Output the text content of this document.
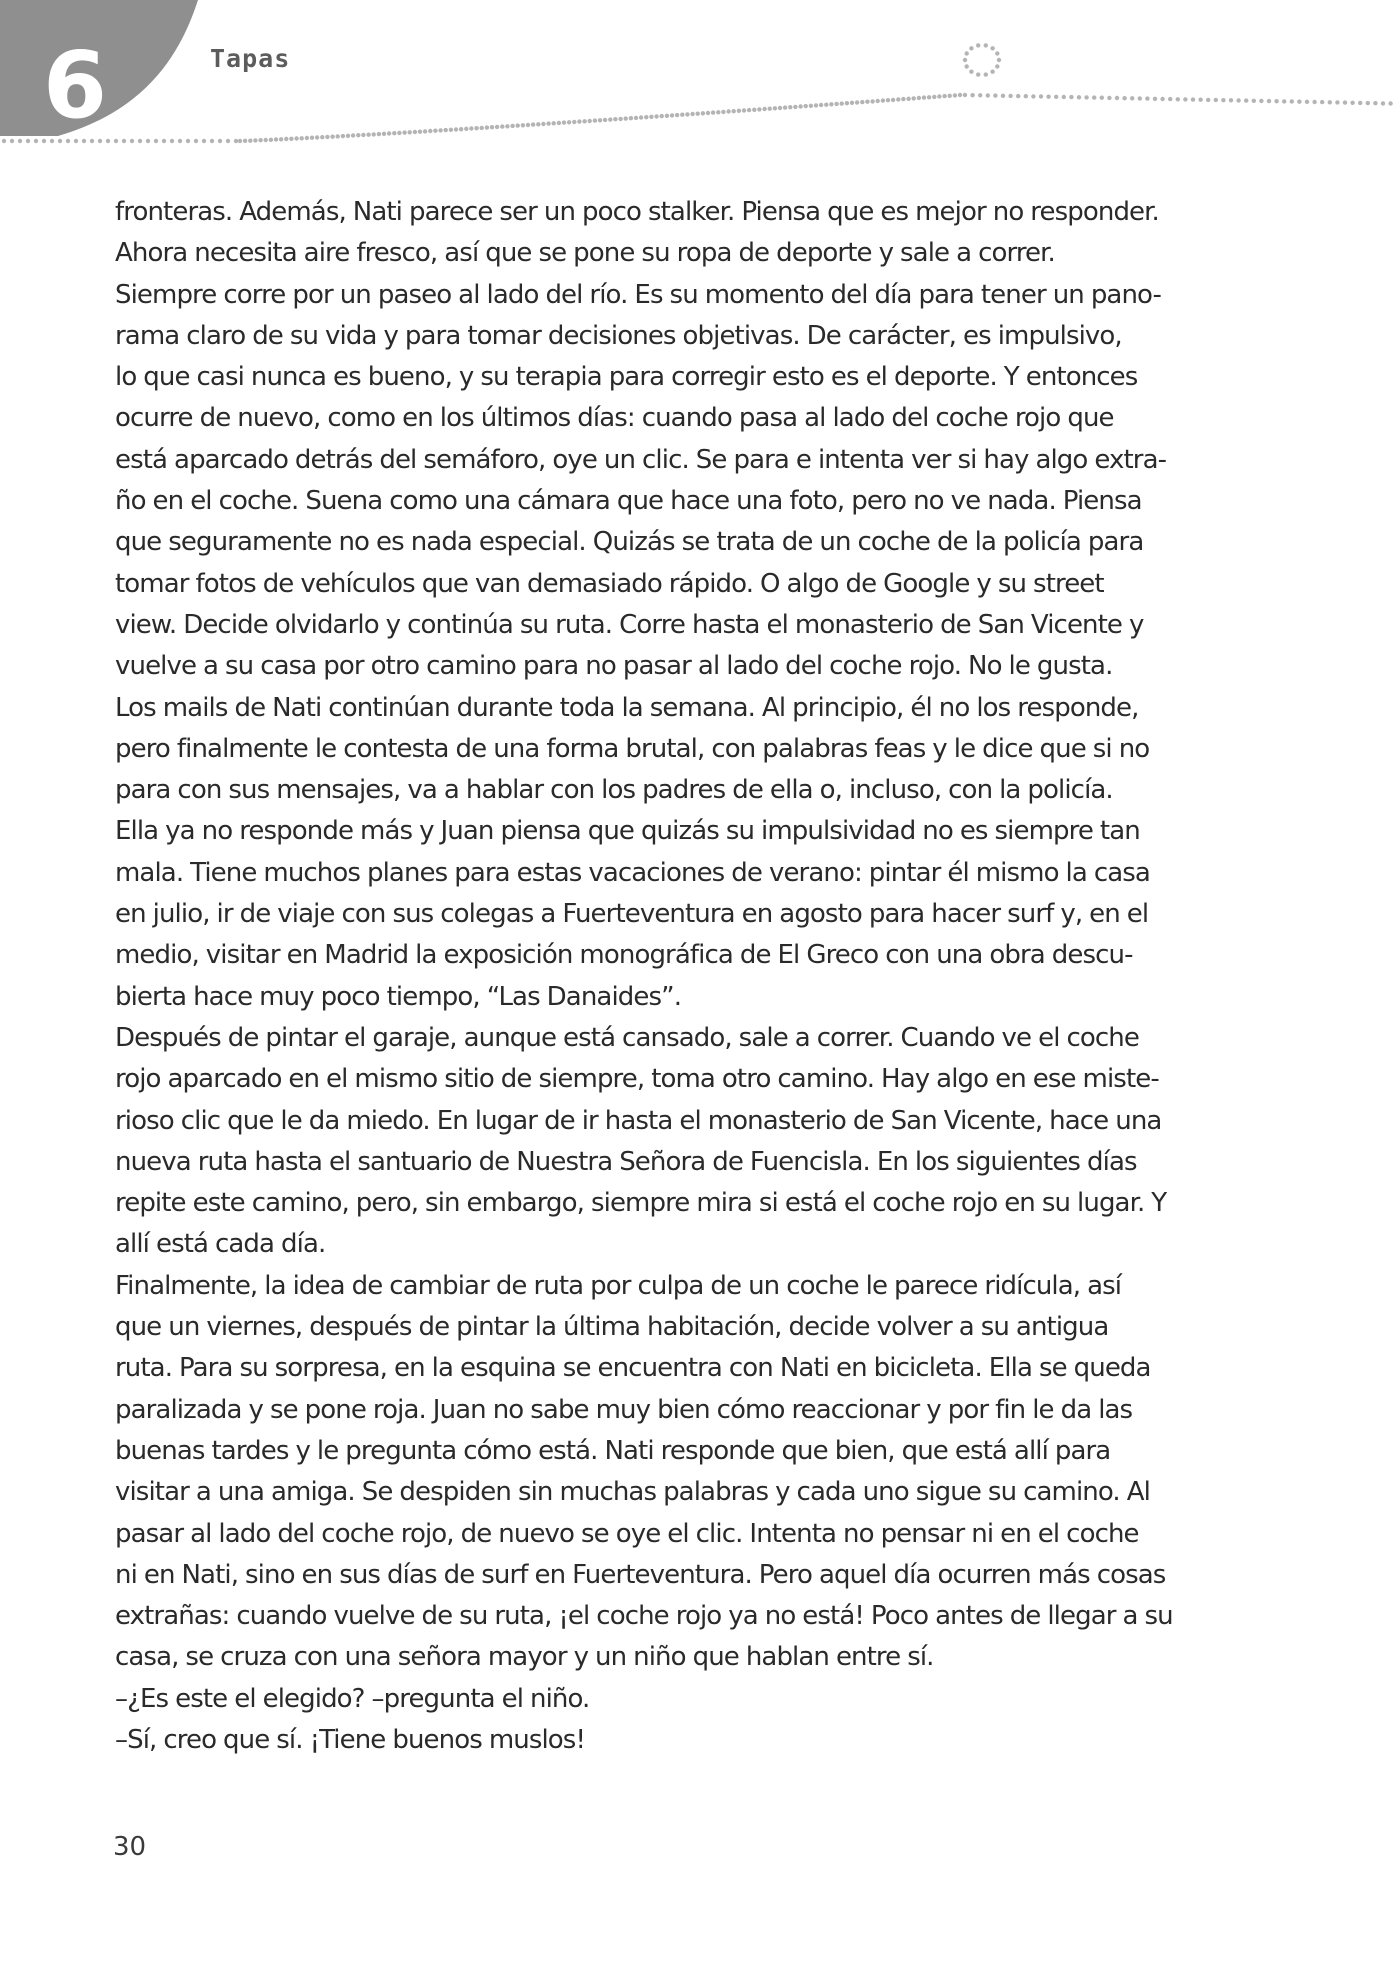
6	Tapas
fronteras. Además, Nati parece ser un poco stalker. Piensa que es mejor no responder.
Ahora necesita aire fresco, así que se pone su ropa de deporte y sale a correr.
Siempre corre por un paseo al lado del río. Es su momento del día para tener un pano-
rama claro de su vida y para tomar decisiones objetivas. De carácter, es impulsivo,
lo que casi nunca es bueno, y su terapia para corregir esto es el deporte. Y entonces
ocurre de nuevo, como en los últimos días: cuando pasa al lado del coche rojo que
está aparcado detrás del semáforo, oye un clic. Se para e intenta ver si hay algo extra-
ño en el coche. Suena como una cámara que hace una foto, pero no ve nada. Piensa
que seguramente no es nada especial. Quizás se trata de un coche de la policía para
tomar fotos de vehículos que van demasiado rápido. O algo de Google y su street
view. Decide olvidarlo y continúa su ruta. Corre hasta el monasterio de San Vicente y
vuelve a su casa por otro camino para no pasar al lado del coche rojo. No le gusta.
Los mails de Nati continúan durante toda la semana. Al principio, él no los responde,
pero finalmente le contesta de una forma brutal, con palabras feas y le dice que si no
para con sus mensajes, va a hablar con los padres de ella o, incluso, con la policía.
Ella ya no responde más y Juan piensa que quizás su impulsividad no es siempre tan
mala. Tiene muchos planes para estas vacaciones de verano: pintar él mismo la casa
en julio, ir de viaje con sus colegas a Fuerteventura en agosto para hacer surf y, en el
medio, visitar en Madrid la exposición monográfica de El Greco con una obra descu-
bierta hace muy poco tiempo, “Las Danaides”.
Después de pintar el garaje, aunque está cansado, sale a correr. Cuando ve el coche
rojo aparcado en el mismo sitio de siempre, toma otro camino. Hay algo en ese miste-
rioso clic que le da miedo. En lugar de ir hasta el monasterio de San Vicente, hace una
nueva ruta hasta el santuario de Nuestra Señora de Fuencisla. En los siguientes días
repite este camino, pero, sin embargo, siempre mira si está el coche rojo en su lugar. Y
allí está cada día.
Finalmente, la idea de cambiar de ruta por culpa de un coche le parece ridícula, así
que un viernes, después de pintar la última habitación, decide volver a su antigua
ruta. Para su sorpresa, en la esquina se encuentra con Nati en bicicleta. Ella se queda
paralizada y se pone roja. Juan no sabe muy bien cómo reaccionar y por fin le da las
buenas tardes y le pregunta cómo está. Nati responde que bien, que está allí para
visitar a una amiga. Se despiden sin muchas palabras y cada uno sigue su camino. Al
pasar al lado del coche rojo, de nuevo se oye el clic. Intenta no pensar ni en el coche
ni en Nati, sino en sus días de surf en Fuerteventura. Pero aquel día ocurren más cosas
extrañas: cuando vuelve de su ruta, ¡el coche rojo ya no está! Poco antes de llegar a su
casa, se cruza con una señora mayor y un niño que hablan entre sí.
–¿Es este el elegido? –pregunta el niño.
–Sí, creo que sí. ¡Tiene buenos muslos!
30
